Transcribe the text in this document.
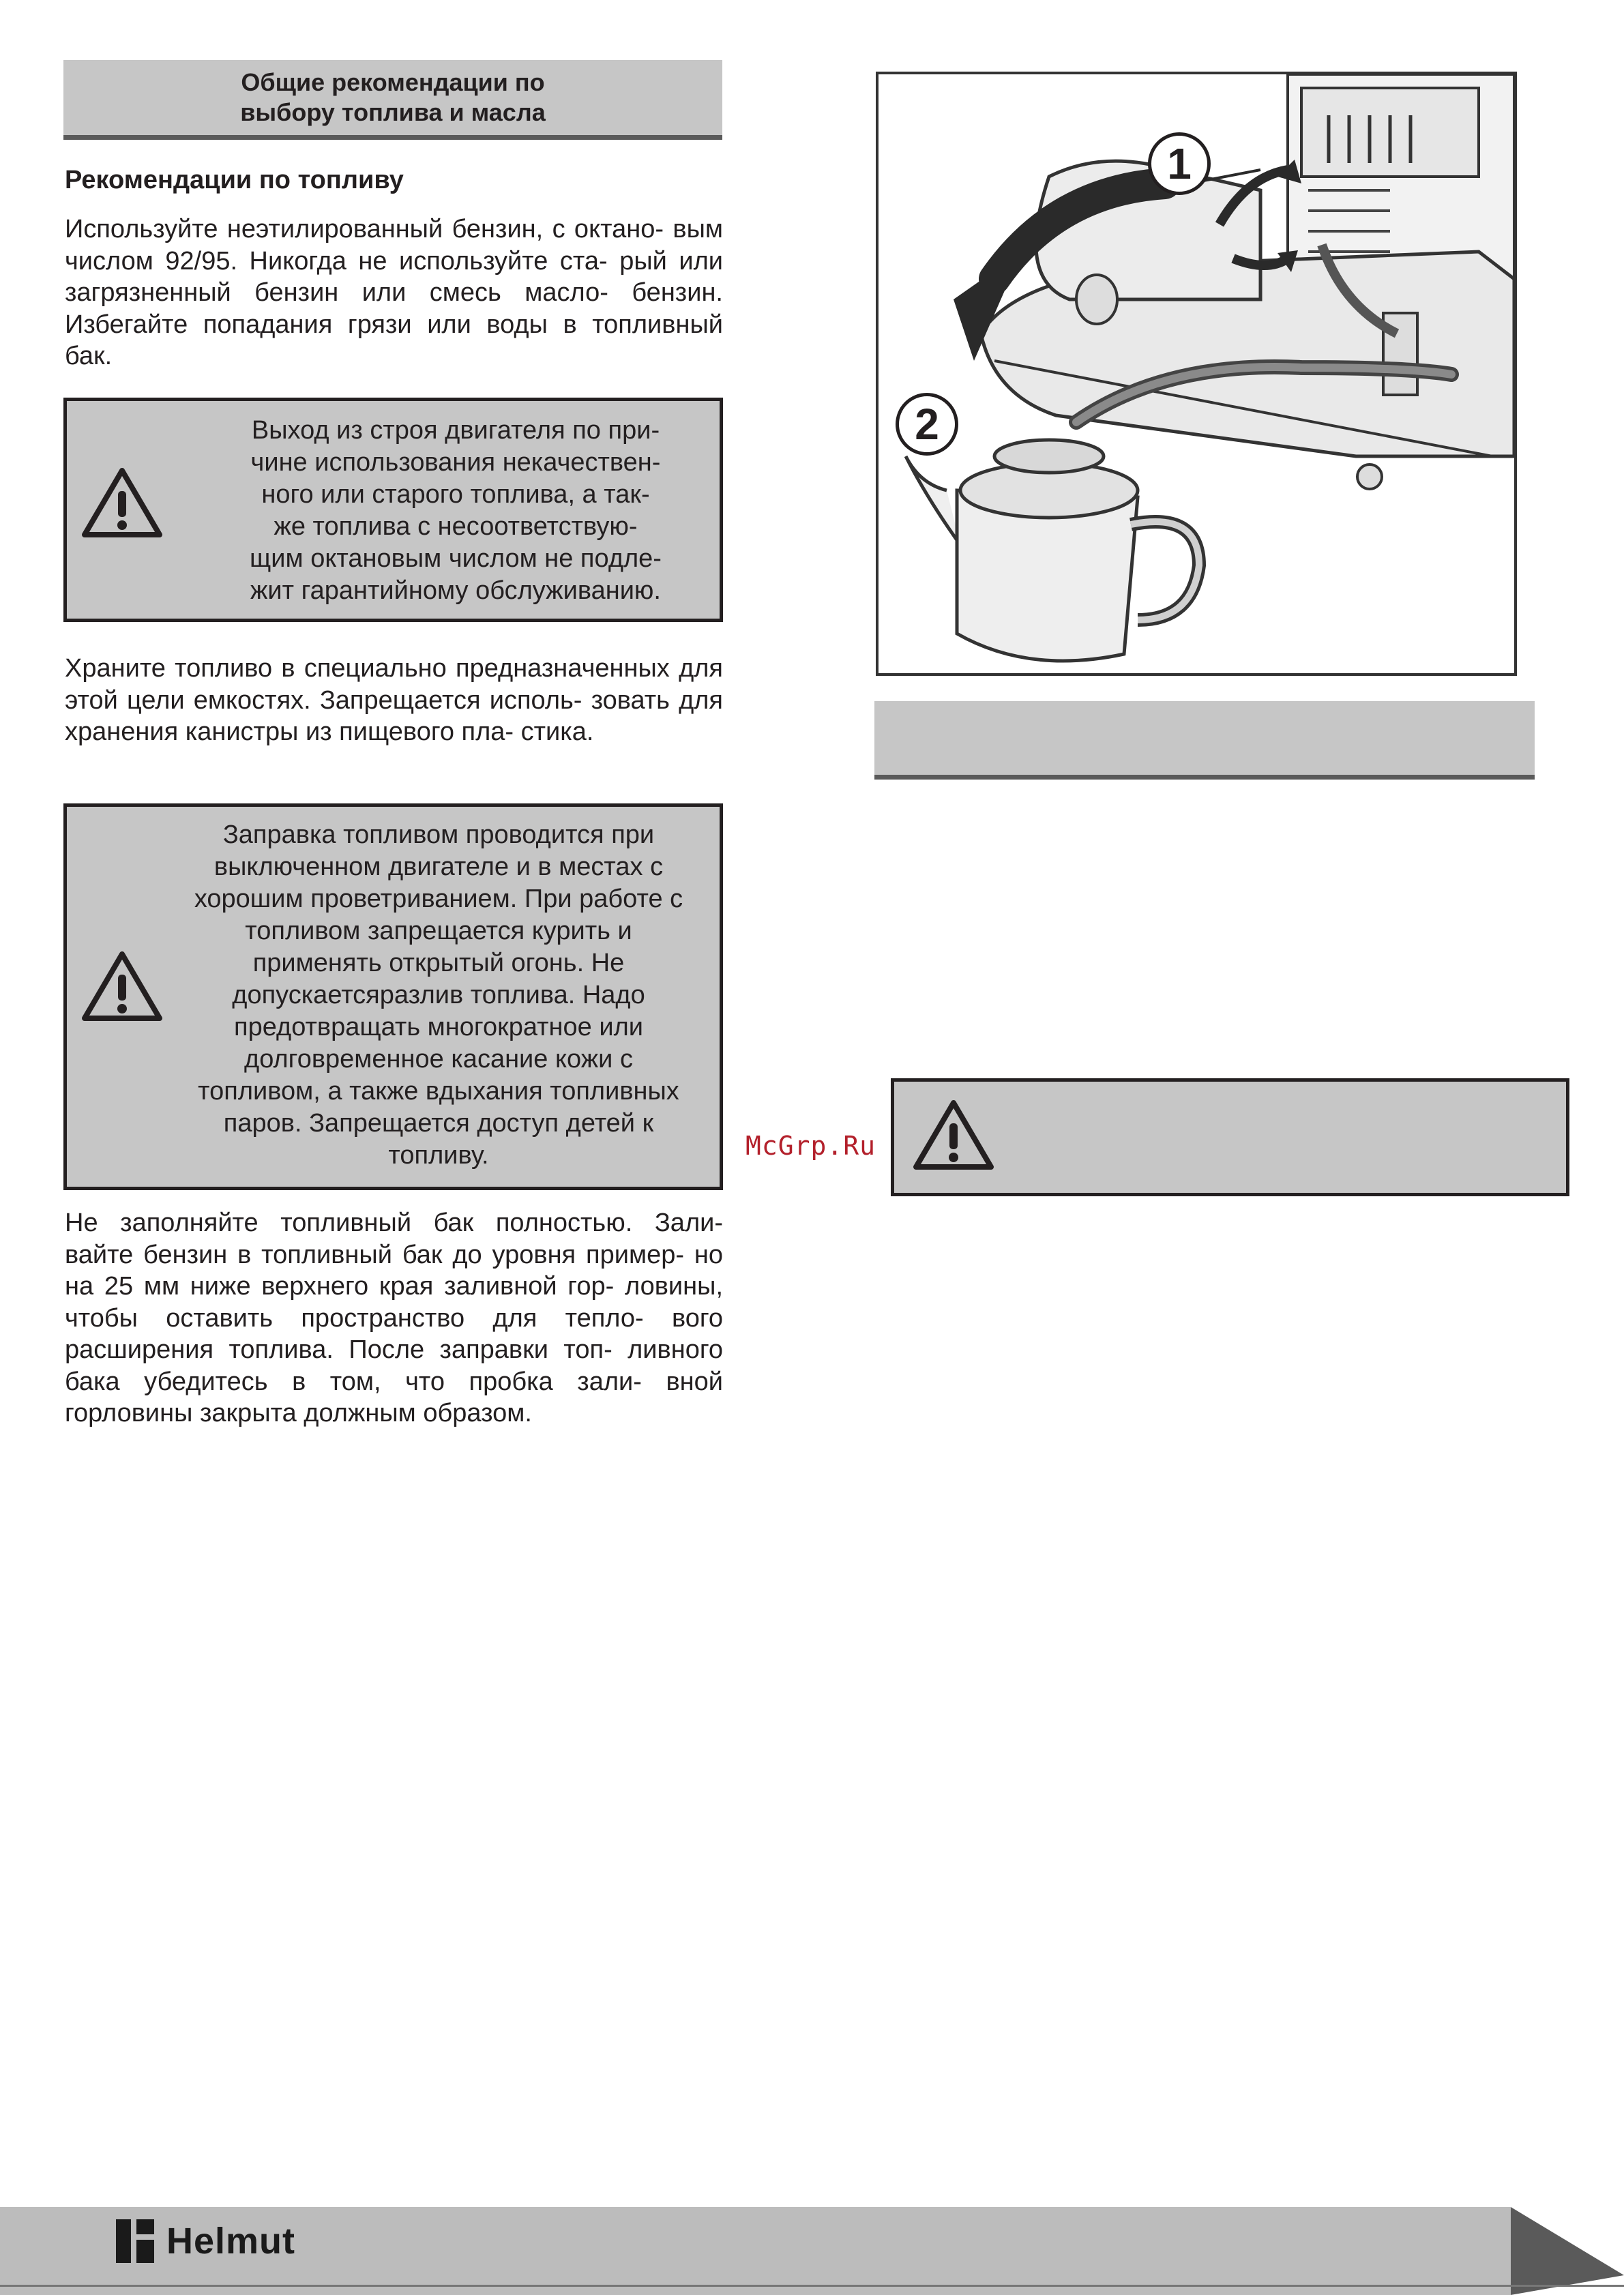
Общие рекомендации по
выбору топлива и масла
Рекомендации по топливу

Используйте неэтилированный бензин, с октано- вым числом 92/95. Никогда не используйте ста- рый или загрязненный бензин или смесь масло- бензин. Избегайте попадания грязи или воды в топливный бак.

Выход из строя двигателя по при-
чине использования некачествен-
ного или старого топлива, а так-
же топлива с несоответствую-
щим октановым числом не подле-
жит гарантийному обслуживанию.

Храните топливо в специально предназначенных для этой цели емкостях. Запрещается исполь- зовать для хранения канистры из пищевого пла- стика.

Заправка топливом проводится при
выключенном двигателе и в местах с
хорошим проветриванием. При работе с
топливом запрещается курить и
применять открытый огонь. Не
допускаетсяразлив топлива. Надо
предотвращать многократное или
долговременное касание кожи с
топливом, а также вдыхания топливных
паров. Запрещается доступ детей к
топливу.

Не заполняйте топливный бак полностью. Зали- вайте бензин в топливный бак до уровня пример- но на 25 мм ниже верхнего края заливной гор- ловины, чтобы оставить пространство для тепло- вого расширения топлива. После заправки топ- ливного бака убедитесь в том, что пробка зали- вной горловины закрыта должным образом.

1
2
McGrp.Ru
Helmut
